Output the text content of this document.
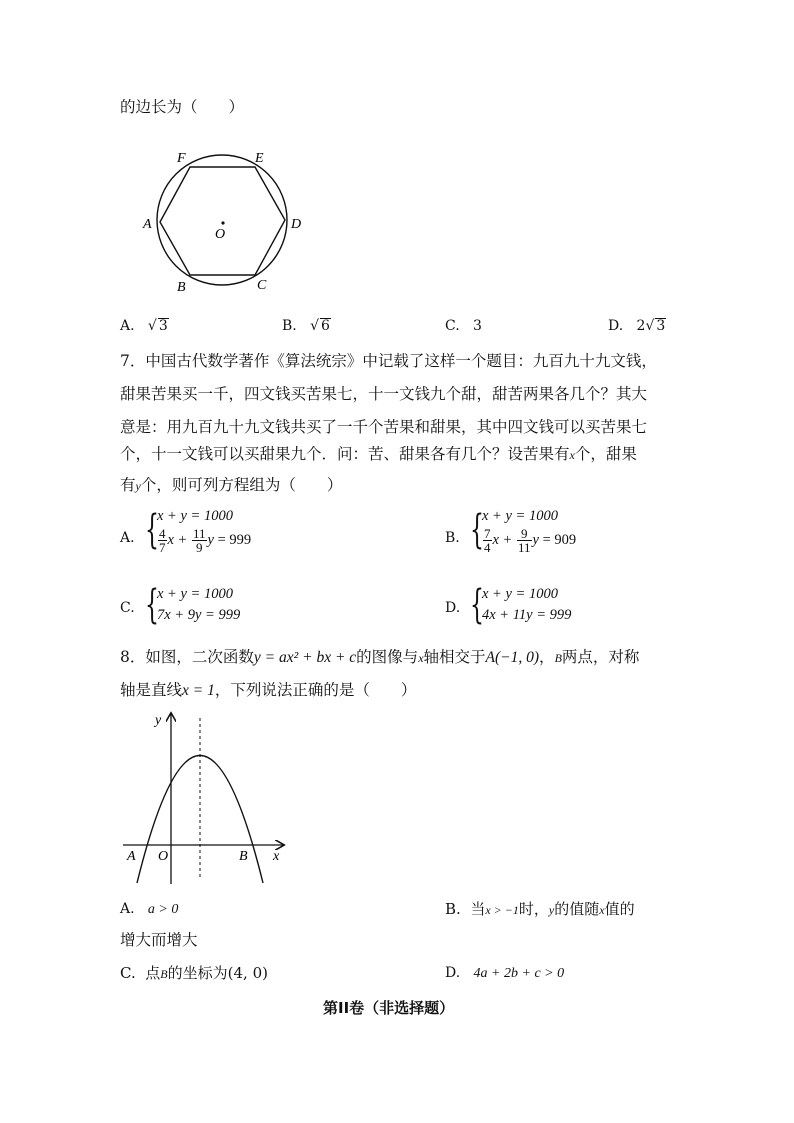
的边长为（　　）
F	E
A
O
D
B	C
A.   √ 3	B.   √ 6	C. 3	D. 2√ 3
7．中国古代数学著作《算法统宗》中记载了这样一个题目：九百九十九文钱，
甜果苦果买一千，四文钱买苦果七，十一文钱九个甜，甜苦两果各几个？其大
意是：用九百九十九文钱共买了一千个苦果和甜果，其中四文钱可以买苦果七
个，十一文钱可以买甜果九个．问：苦、甜果各有几个？设苦果有x个，甜果
有y个，则可列方程组为（　　）
A. {
x + y = 1000
$\frac{4}{7}$ $x + \frac{11}{9}$ y = 999	B. {
x + y = 1000
$\frac{7}{4}$ $x + \frac{9}{11}$ y = 909
C. {
x + y = 1000
7x + 9y = 999	D. {
x + y = 1000
4x + 11y = 999
8．如图，二次函数y = ax² + bx + c的图像与x轴相交于A(−1, 0)，B两点，对称
轴是直线x = 1，下列说法正确的是（　　）
y
x
A O	B
A. a > 0	B. 当x > −1时，y的值随x值的
增大而增大
C. 点B的坐标为(4, 0)	D. 4a + 2b + c > 0
第II卷（非选择题）
